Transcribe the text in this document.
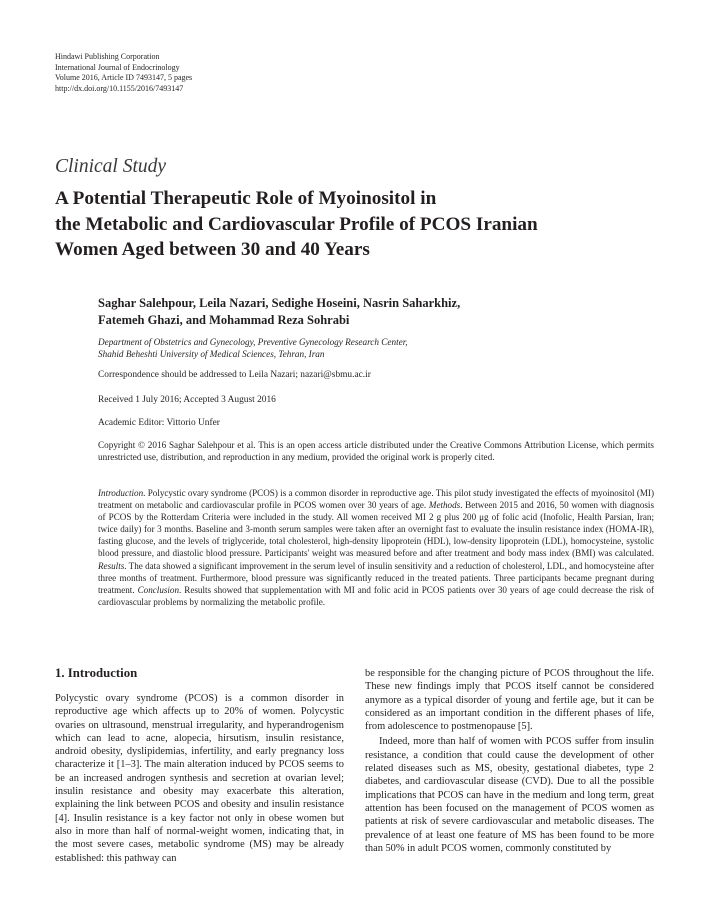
Hindawi Publishing Corporation
International Journal of Endocrinology
Volume 2016, Article ID 7493147, 5 pages
http://dx.doi.org/10.1155/2016/7493147
Clinical Study
A Potential Therapeutic Role of Myoinositol in
the Metabolic and Cardiovascular Profile of PCOS Iranian
Women Aged between 30 and 40 Years
Saghar Salehpour, Leila Nazari, Sedighe Hoseini, Nasrin Saharkhiz,
Fatemeh Ghazi, and Mohammad Reza Sohrabi
Department of Obstetrics and Gynecology, Preventive Gynecology Research Center,
Shahid Beheshti University of Medical Sciences, Tehran, Iran
Correspondence should be addressed to Leila Nazari; nazari@sbmu.ac.ir
Received 1 July 2016; Accepted 3 August 2016
Academic Editor: Vittorio Unfer
Copyright © 2016 Saghar Salehpour et al. This is an open access article distributed under the Creative Commons Attribution License, which permits unrestricted use, distribution, and reproduction in any medium, provided the original work is properly cited.
Introduction. Polycystic ovary syndrome (PCOS) is a common disorder in reproductive age. This pilot study investigated the effects of myoinositol (MI) treatment on metabolic and cardiovascular profile in PCOS women over 30 years of age. Methods. Between 2015 and 2016, 50 women with diagnosis of PCOS by the Rotterdam Criteria were included in the study. All women received MI 2 g plus 200 μg of folic acid (Inofolic, Health Parsian, Iran; twice daily) for 3 months. Baseline and 3-month serum samples were taken after an overnight fast to evaluate the insulin resistance index (HOMA-IR), fasting glucose, and the levels of triglyceride, total cholesterol, high-density lipoprotein (HDL), low-density lipoprotein (LDL), homocysteine, systolic blood pressure, and diastolic blood pressure. Participants' weight was measured before and after treatment and body mass index (BMI) was calculated. Results. The data showed a significant improvement in the serum level of insulin sensitivity and a reduction of cholesterol, LDL, and homocysteine after three months of treatment. Furthermore, blood pressure was significantly reduced in the treated patients. Three participants became pregnant during treatment. Conclusion. Results showed that supplementation with MI and folic acid in PCOS patients over 30 years of age could decrease the risk of cardiovascular problems by normalizing the metabolic profile.
1. Introduction

Polycystic ovary syndrome (PCOS) is a common disorder in reproductive age which affects up to 20% of women. Polycystic ovaries on ultrasound, menstrual irregularity, and hyperandrogenism which can lead to acne, alopecia, hirsutism, insulin resistance, android obesity, dyslipidemias, infertility, and early pregnancy loss characterize it [1–3]. The main alteration induced by PCOS seems to be an increased androgen synthesis and secretion at ovarian level; insulin resistance and obesity may exacerbate this alteration, explaining the link between PCOS and obesity and insulin resistance [4]. Insulin resistance is a key factor not only in obese women but also in more than half of normal-weight women, indicating that, in the most severe cases, metabolic syndrome (MS) may be already established: this pathway can

be responsible for the changing picture of PCOS throughout the life. These new findings imply that PCOS itself cannot be considered anymore as a typical disorder of young and fertile age, but it can be considered as an important condition in the different phases of life, from adolescence to postmenopause [5].

Indeed, more than half of women with PCOS suffer from insulin resistance, a condition that could cause the development of other related diseases such as MS, obesity, gestational diabetes, type 2 diabetes, and cardiovascular disease (CVD). Due to all the possible implications that PCOS can have in the medium and long term, great attention has been focused on the management of PCOS women as patients at risk of severe cardiovascular and metabolic diseases. The prevalence of at least one feature of MS has been found to be more than 50% in adult PCOS women, commonly constituted by
